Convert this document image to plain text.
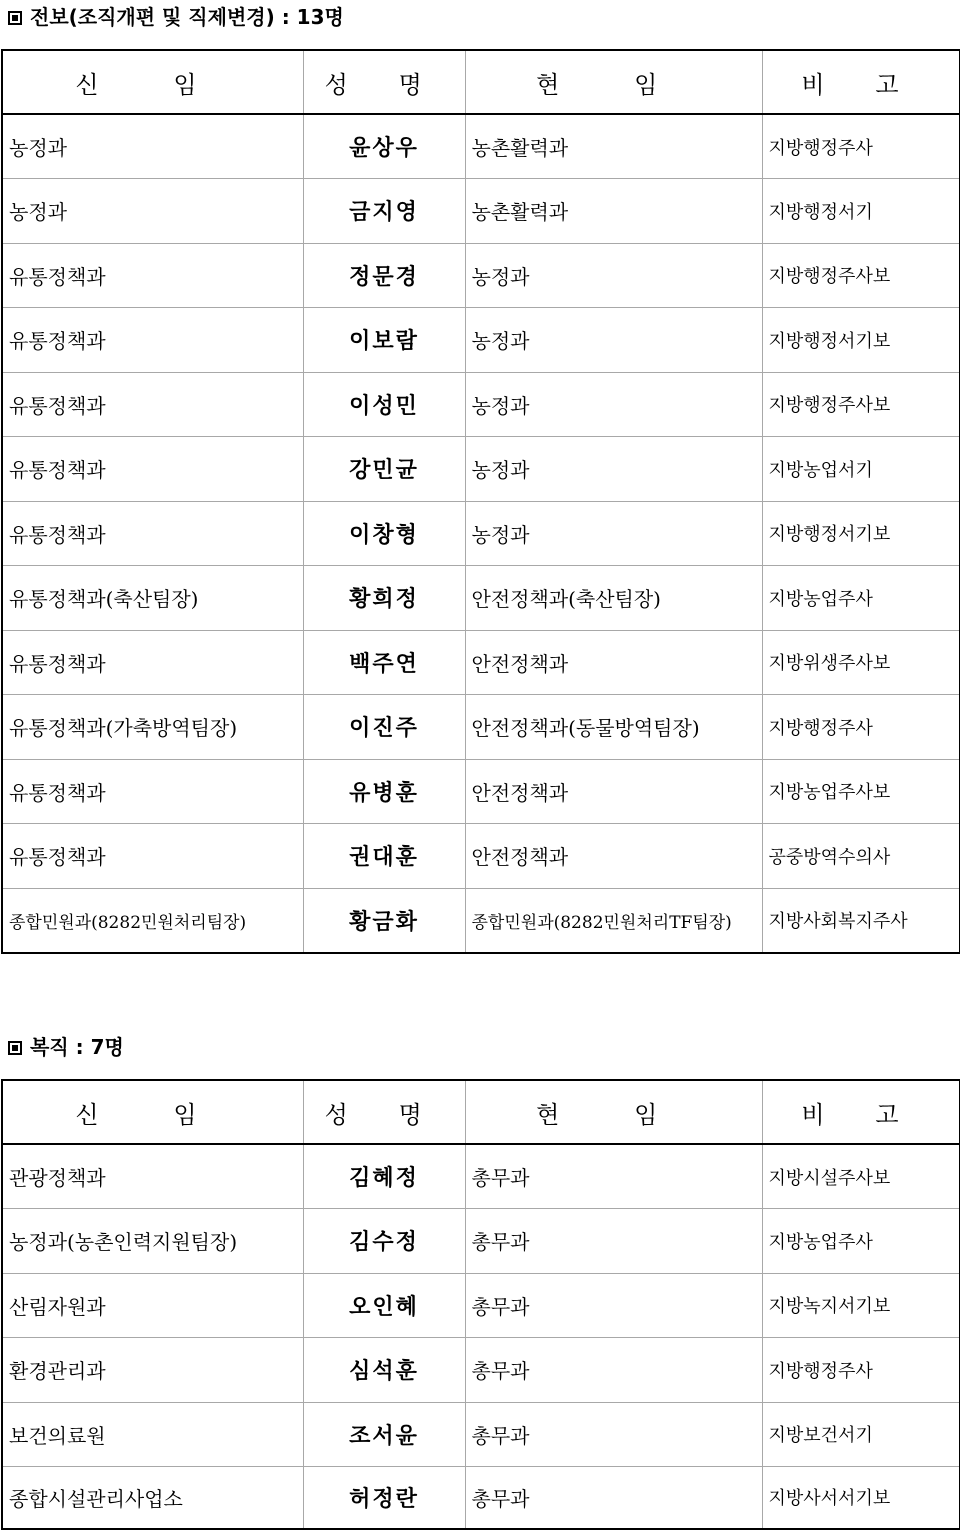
전보(조직개편 및 직제변경) : 13명
신 임	성 명	현 임	비 고
농정과	윤상우	농촌활력과	지방행정주사
농정과	금지영	농촌활력과	지방행정서기
유통정책과	정문경	농정과	지방행정주사보
유통정책과	이보람	농정과	지방행정서기보
유통정책과	이성민	농정과	지방행정주사보
유통정책과	강민균	농정과	지방농업서기
유통정책과	이창형	농정과	지방행정서기보
유통정책과(축산팀장)	황희정	안전정책과(축산팀장)	지방농업주사
유통정책과	백주연	안전정책과	지방위생주사보
유통정책과(가축방역팀장)	이진주	안전정책과(동물방역팀장)	지방행정주사
유통정책과	유병훈	안전정책과	지방농업주사보
유통정책과	권대훈	안전정책과	공중방역수의사
종합민원과(8282민원처리팀장)	황금화	종합민원과(8282민원처리TF팀장)	지방사회복지주사
복직 : 7명
신 임	성 명	현 임	비 고
관광정책과	김혜정	총무과	지방시설주사보
농정과(농촌인력지원팀장)	김수정	총무과	지방농업주사
산림자원과	오인혜	총무과	지방녹지서기보
환경관리과	심석훈	총무과	지방행정주사
보건의료원	조서윤	총무과	지방보건서기
종합시설관리사업소	허정란	총무과	지방사서서기보
